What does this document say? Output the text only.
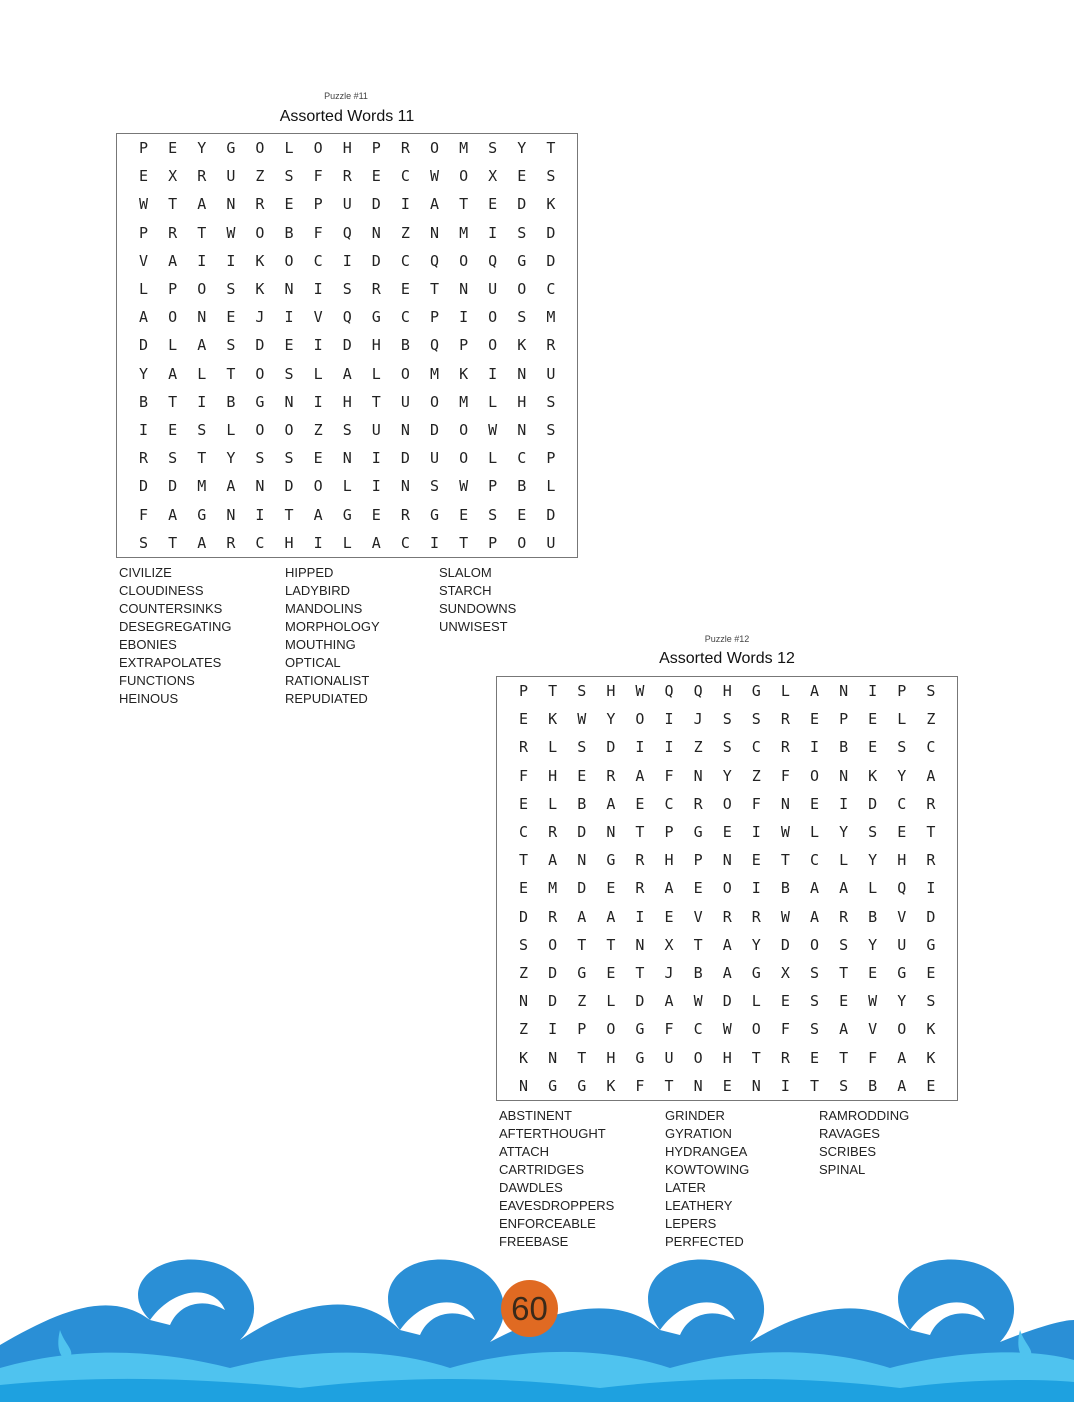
Puzzle #11
Assorted Words 11
P	E	Y	G	O	L	O	H	P	R	O	M	S	Y	T
E	X	R	U	Z	S	F	R	E	C	W	O	X	E	S
W	T	A	N	R	E	P	U	D	I	A	T	E	D	K
P	R	T	W	O	B	F	Q	N	Z	N	M	I	S	D
V	A	I	I	K	O	C	I	D	C	Q	O	Q	G	D
L	P	O	S	K	N	I	S	R	E	T	N	U	O	C
A	O	N	E	J	I	V	Q	G	C	P	I	O	S	M
D	L	A	S	D	E	I	D	H	B	Q	P	O	K	R
Y	A	L	T	O	S	L	A	L	O	M	K	I	N	U
B	T	I	B	G	N	I	H	T	U	O	M	L	H	S
I	E	S	L	O	O	Z	S	U	N	D	O	W	N	S
R	S	T	Y	S	S	E	N	I	D	U	O	L	C	P
D	D	M	A	N	D	O	L	I	N	S	W	P	B	L
F	A	G	N	I	T	A	G	E	R	G	E	S	E	D
S	T	A	R	C	H	I	L	A	C	I	T	P	O	U
CIVILIZE
CLOUDINESS
COUNTERSINKS
DESEGREGATING
EBONIES
EXTRAPOLATES
FUNCTIONS
HEINOUS
HIPPED
LADYBIRD
MANDOLINS
MORPHOLOGY
MOUTHING
OPTICAL
RATIONALIST
REPUDIATED
SLALOM
STARCH
SUNDOWNS
UNWISEST
Puzzle #12
Assorted Words 12
P	T	S	H	W	Q	Q	H	G	L	A	N	I	P	S
E	K	W	Y	O	I	J	S	S	R	E	P	E	L	Z
R	L	S	D	I	I	Z	S	C	R	I	B	E	S	C
F	H	E	R	A	F	N	Y	Z	F	O	N	K	Y	A
E	L	B	A	E	C	R	O	F	N	E	I	D	C	R
C	R	D	N	T	P	G	E	I	W	L	Y	S	E	T
T	A	N	G	R	H	P	N	E	T	C	L	Y	H	R
E	M	D	E	R	A	E	O	I	B	A	A	L	Q	I
D	R	A	A	I	E	V	R	R	W	A	R	B	V	D
S	O	T	T	N	X	T	A	Y	D	O	S	Y	U	G
Z	D	G	E	T	J	B	A	G	X	S	T	E	G	E
N	D	Z	L	D	A	W	D	L	E	S	E	W	Y	S
Z	I	P	O	G	F	C	W	O	F	S	A	V	O	K
K	N	T	H	G	U	O	H	T	R	E	T	F	A	K
N	G	G	K	F	T	N	E	N	I	T	S	B	A	E
ABSTINENT
AFTERTHOUGHT
ATTACH
CARTRIDGES
DAWDLES
EAVESDROPPERS
ENFORCEABLE
FREEBASE
GRINDER
GYRATION
HYDRANGEA
KOWTOWING
LATER
LEATHERY
LEPERS
PERFECTED
RAMRODDING
RAVAGES
SCRIBES
SPINAL
60
